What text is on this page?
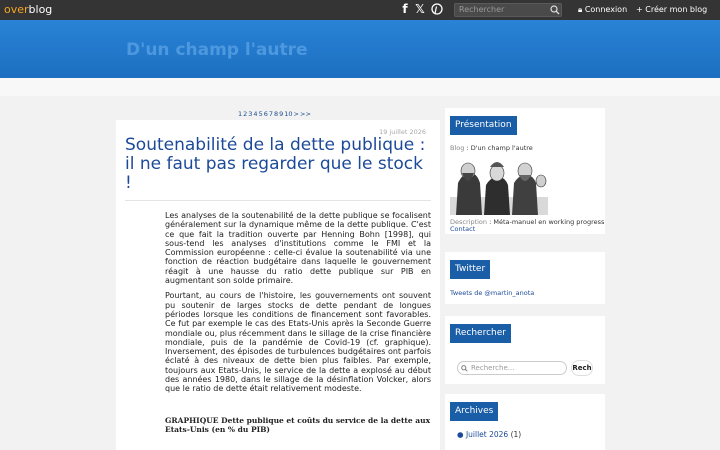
overblog	f 𝕏	Rechercher	🔒︎ Connexion + Créer mon blog
D'un champ l'autre
12345678910>>>
19 juillet 2026
Soutenabilité de la dette publique : il ne faut pas regarder que le stock !

Les analyses de la soutenabilité de la dette publique se focalisent généralement sur la dynamique même de la dette publique. C'est ce que fait la tradition ouverte par Henning Bohn [1998], qui sous-tend les analyses d'institutions comme le FMI et la Commission européenne : celle-ci évalue la soutenabilité via une fonction de réaction budgétaire dans laquelle le gouvernement réagit à une hausse du ratio dette publique sur PIB en augmentant son solde primaire.

Pourtant, au cours de l'histoire, les gouvernements ont souvent pu soutenir de larges stocks de dette pendant de longues périodes lorsque les conditions de financement sont favorables. Ce fut par exemple le cas des Etats-Unis après la Seconde Guerre mondiale ou, plus récemment dans le sillage de la crise financière mondiale, puis de la pandémie de Covid-19 (cf. graphique). Inversement, des épisodes de turbulences budgétaires ont parfois éclaté à des niveaux de dette bien plus faibles. Par exemple, toujours aux Etats-Unis, le service de la dette a explosé au début des années 1980, dans le sillage de la désinflation Volcker, alors que le ratio de dette était relativement modeste.

GRAPHIQUE Dette publique et coûts du service de la dette aux Etats-Unis (en % du PIB)
Présentation
Blog : D'un champ l'autre
Description : Méta-manuel en working progress
Contact
Twitter
Tweets de @martin_anota
Rechercher
Recherche...	Rech
Archives
● Juillet 2026 (1)
